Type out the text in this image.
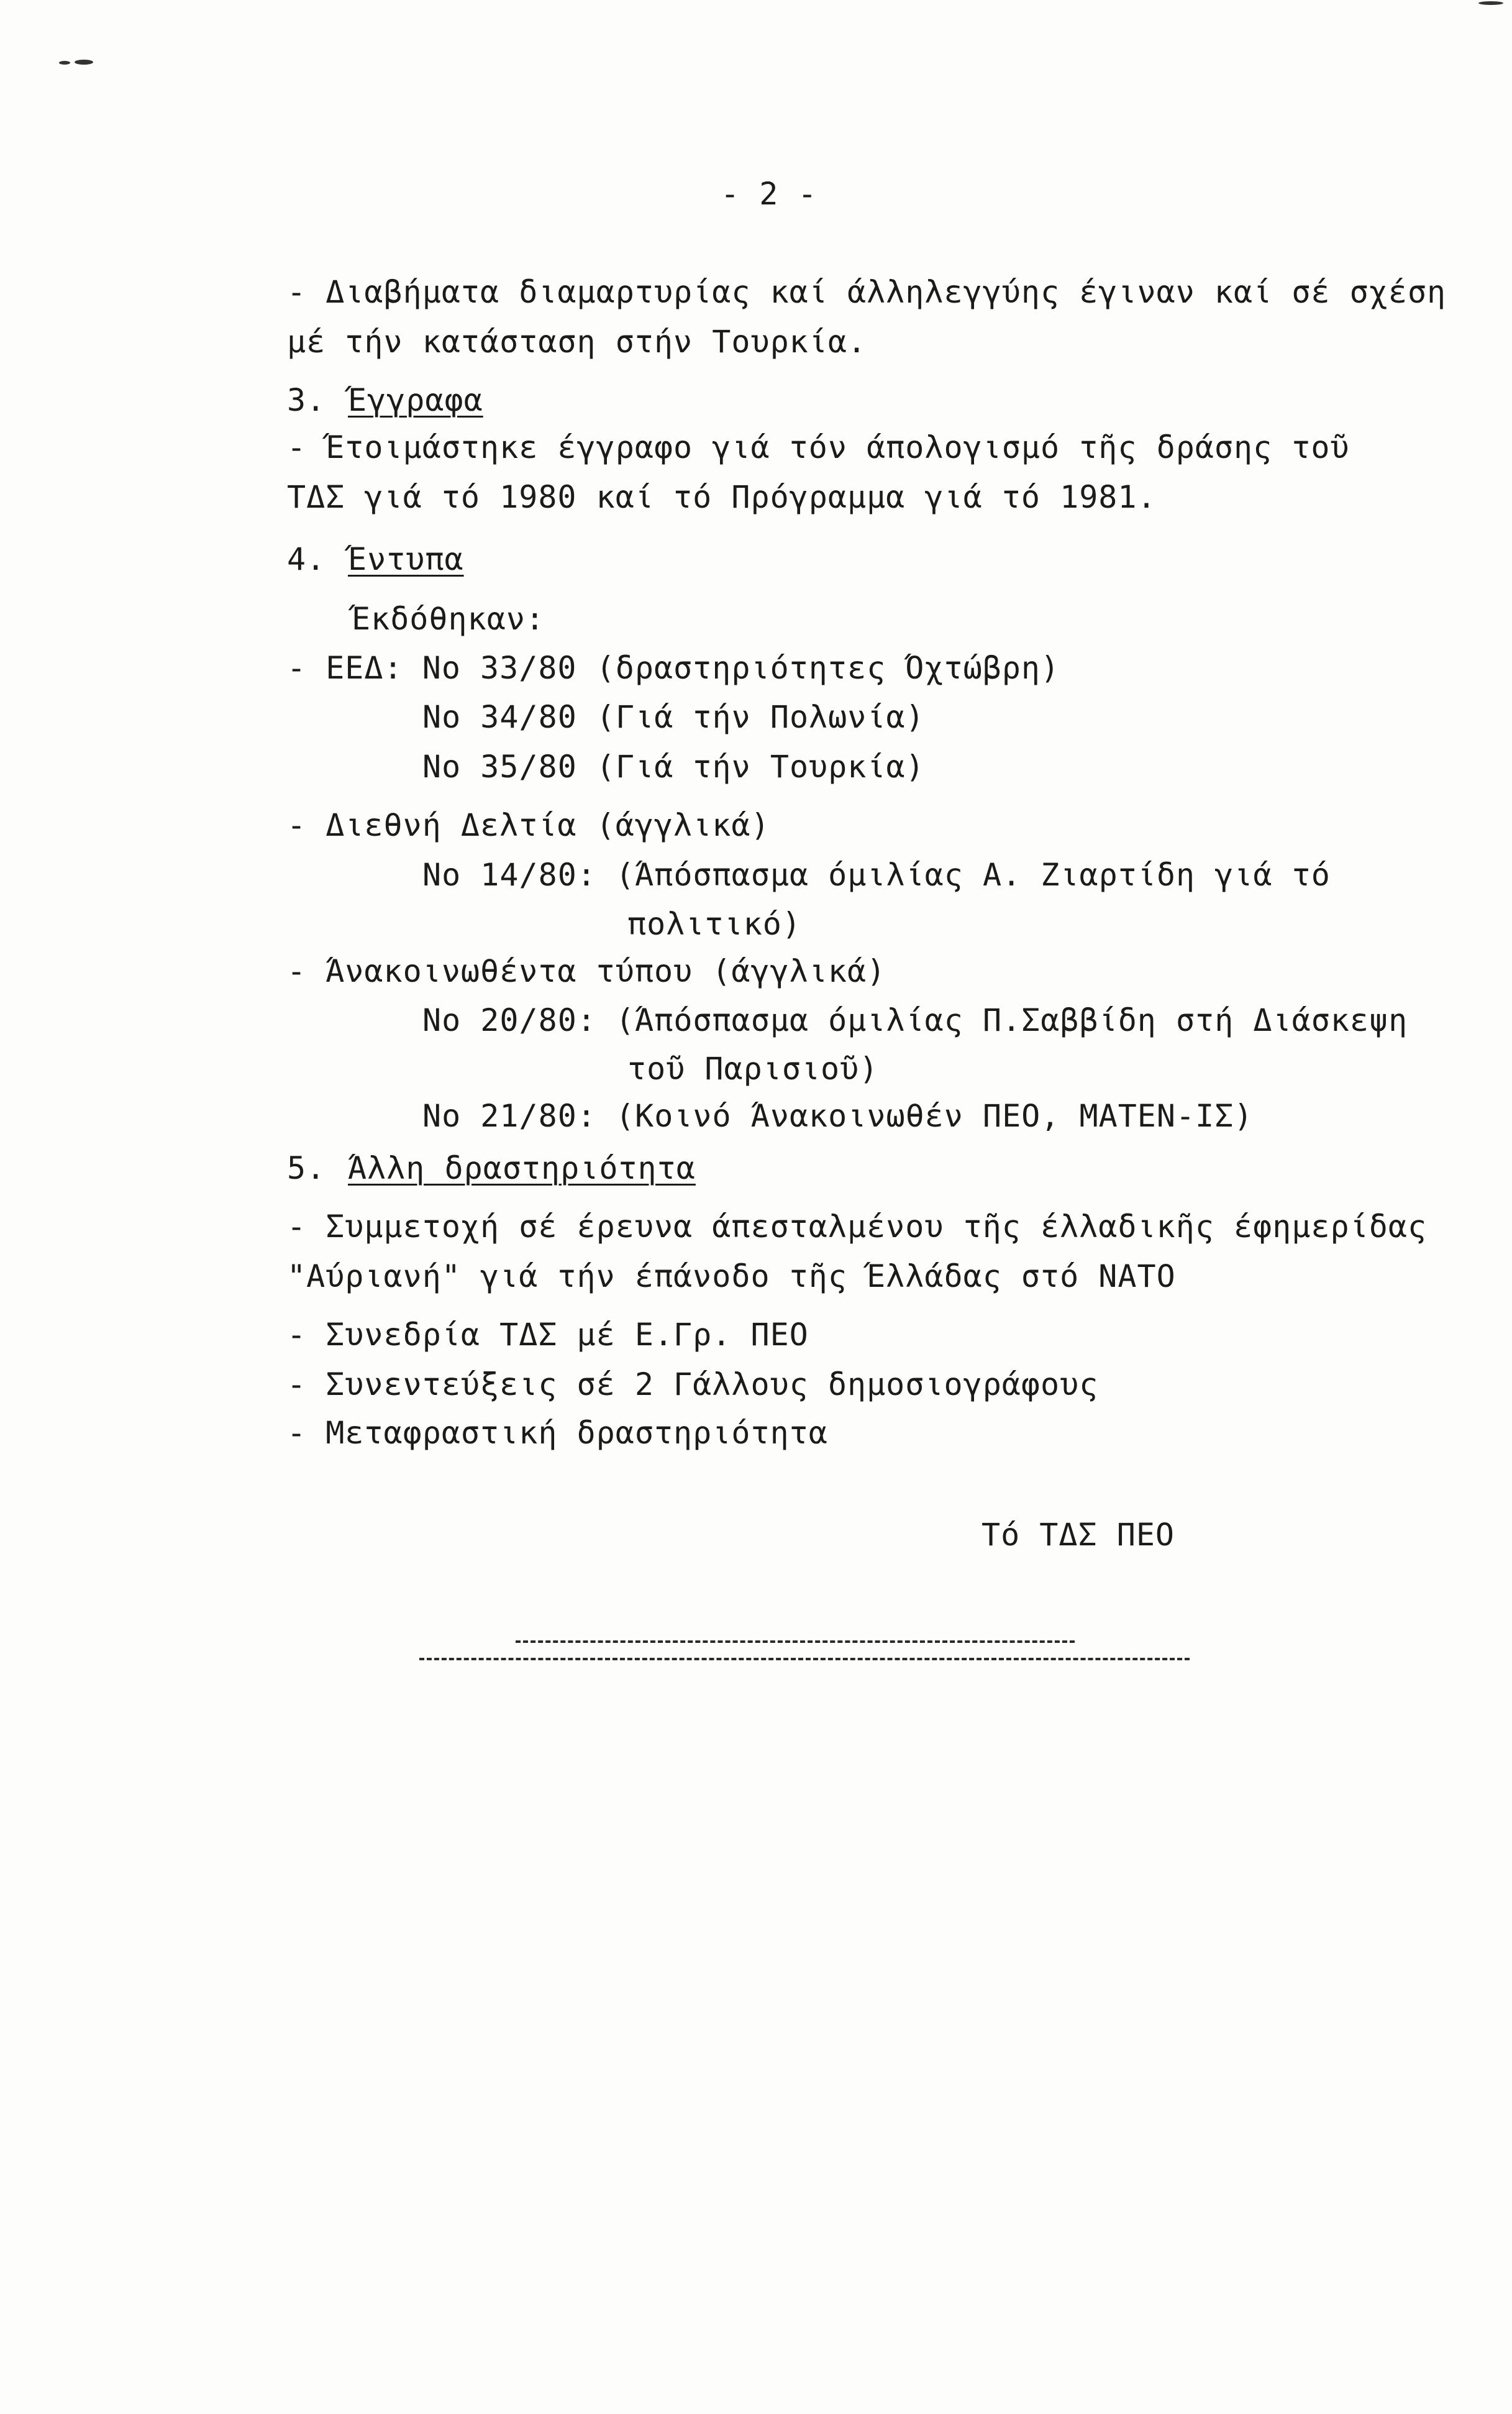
- 2 -
- Διαβήματα διαμαρτυρίας καί άλληλεγγύης έγιναν καί σέ σχέση
μέ τήν κατάσταση στήν Τουρκία.
3. Έγγραφα
- Έτοιμάστηκε έγγραφο γιά τόν άπολογισμό τῆς δράσης τοῦ
ΤΔΣ γιά τό 1980 καί τό Πρόγραμμα γιά τό 1981.
4. Έντυπα
Έκδόθηκαν:
- ΕΕΔ: Νο 33/80 (δραστηριότητες Όχτώβρη)
Νο 34/80 (Γιά τήν Πολωνία)
Νο 35/80 (Γιά τήν Τουρκία)
- Διεθνή Δελτία (άγγλικά)
Νο 14/80: (Άπόσπασμα όμιλίας Α. Ζιαρτίδη γιά τό
πολιτικό)
- Άνακοινωθέντα τύπου (άγγλικά)
Νο 20/80: (Άπόσπασμα όμιλίας Π.Σαββίδη στή Διάσκεψη
τοῦ Παρισιοῦ)
Νο 21/80: (Κοινό Άνακοινωθέν ΠΕΟ, ΜΑΤΕΝ-ΙΣ)
5. Άλλη δραστηριότητα
- Συμμετοχή σέ έρευνα άπεσταλμένου τῆς έλλαδικῆς έφημερίδας
"Αύριανή" γιά τήν έπάνοδο τῆς Έλλάδας στό ΝΑΤΟ
- Συνεδρία ΤΔΣ μέ Ε.Γρ. ΠΕΟ
- Συνεντεύξεις σέ 2 Γάλλους δημοσιογράφους
- Μεταφραστική δραστηριότητα
Τό ΤΔΣ ΠΕΟ
